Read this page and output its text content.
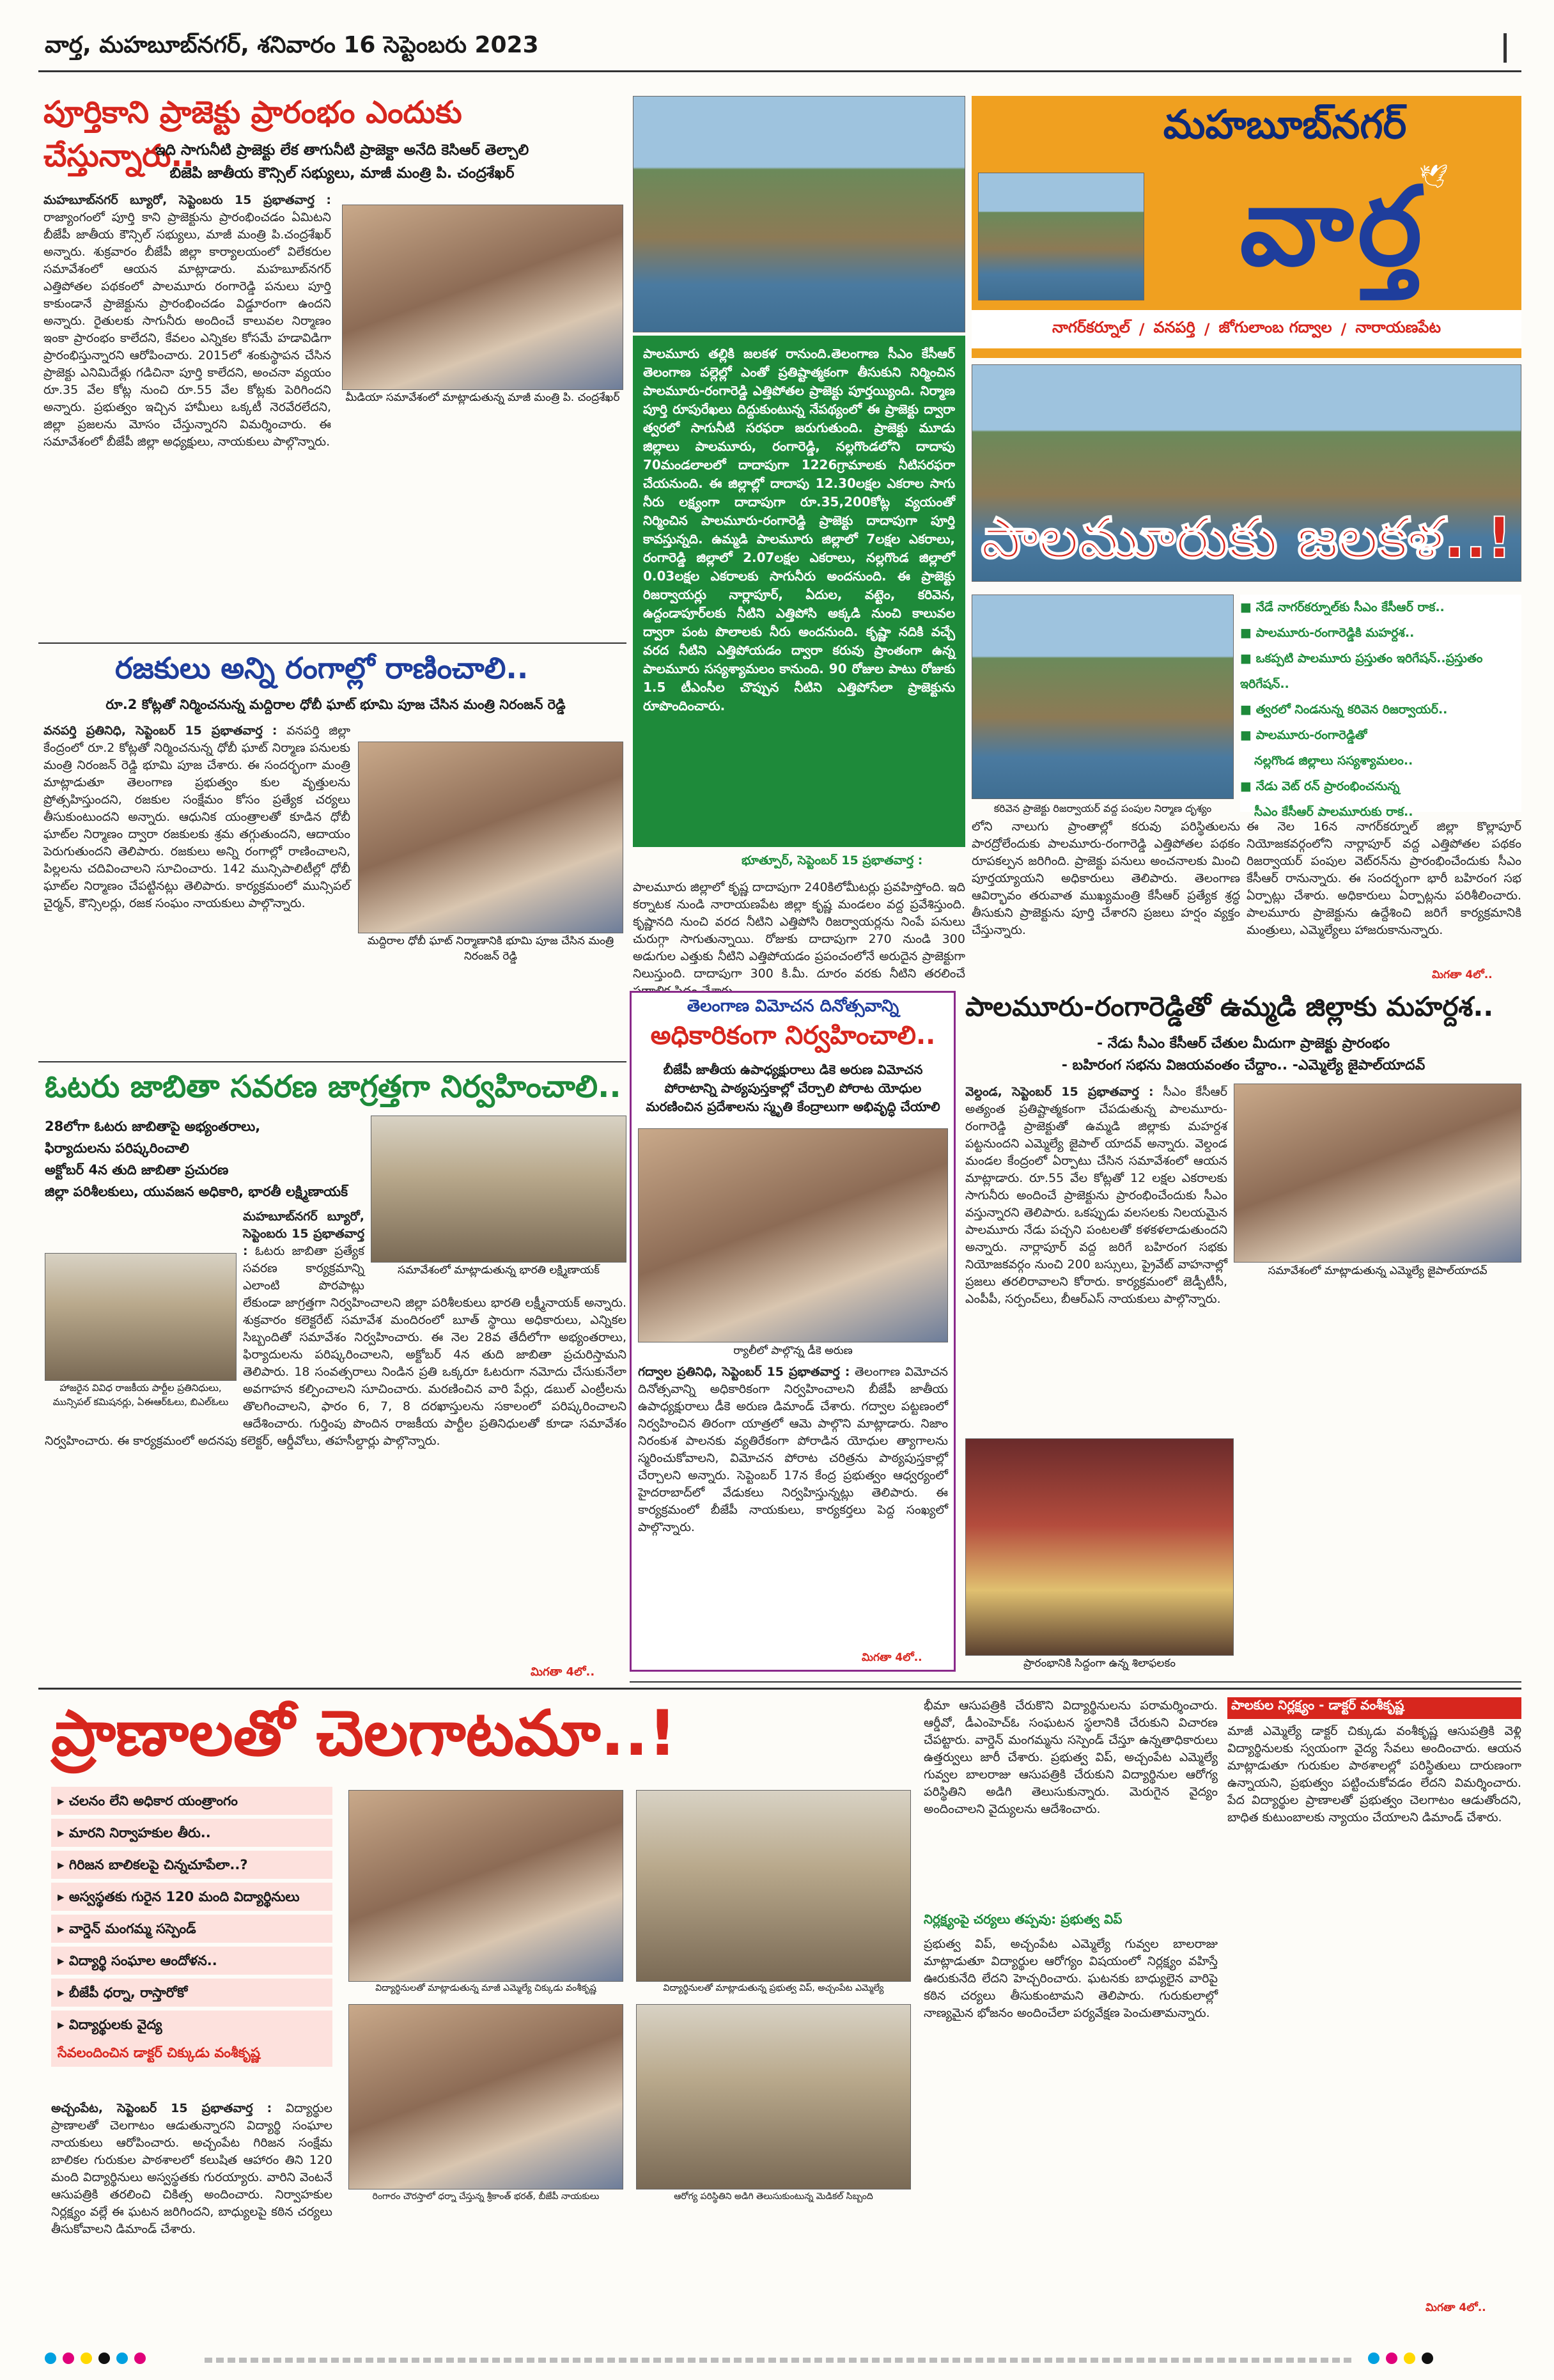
వార్త, మహబూబ్‌నగర్, శనివారం 16 సెప్టెంబరు 2023
పూర్తికాని ప్రాజెక్టు ప్రారంభం ఎందుకు చేస్తున్నారు..
ఇది సాగునీటి ప్రాజెక్టు లేక తాగునీటి ప్రాజెక్టా అనేది కెసిఆర్ తెల్చాలి
బిజెపి జాతీయ కౌన్సిల్ సభ్యులు, మాజీ మంత్రి పి. చంద్రశేఖర్
మహబూబ్‌నగర్ బ్యూరో, సెప్టెంబరు 15 ప్రభాతవార్త : రాజ్యాంగంలో పూర్తి కాని ప్రాజెక్టును ప్రారంభించడం ఏమిటని బీజేపీ జాతీయ కౌన్సిల్ సభ్యులు, మాజీ మంత్రి పి.చంద్రశేఖర్ అన్నారు. శుక్రవారం బీజేపీ జిల్లా కార్యాలయంలో విలేకరుల సమావేశంలో ఆయన మాట్లాడారు. మహబూబ్‌నగర్ ఎత్తిపోతల పథకంలో పాలమూరు రంగారెడ్డి పనులు పూర్తి కాకుండానే ప్రాజెక్టును ప్రారంభించడం విడ్డూరంగా ఉందని అన్నారు. రైతులకు సాగునీరు అందించే కాలువల నిర్మాణం ఇంకా ప్రారంభం కాలేదని, కేవలం ఎన్నికల కోసమే హడావిడిగా ప్రారంభిస్తున్నారని ఆరోపించారు. 2015లో శంకుస్థాపన చేసిన ప్రాజెక్టు ఎనిమిదేళ్లు గడిచినా పూర్తి కాలేదని, అంచనా వ్యయం రూ.35 వేల కోట్ల నుంచి రూ.55 వేల కోట్లకు పెరిగిందని అన్నారు. ప్రభుత్వం ఇచ్చిన హామీలు ఒక్కటీ నెరవేరలేదని, జిల్లా ప్రజలను మోసం చేస్తున్నారని విమర్శించారు. ఈ సమావేశంలో బీజేపీ జిల్లా అధ్యక్షులు, నాయకులు పాల్గొన్నారు.
మీడియా సమావేశంలో మాట్లాడుతున్న మాజీ మంత్రి పి. చంద్రశేఖర్
రజకులు అన్ని రంగాల్లో రాణించాలి..
రూ.2 కోట్లతో నిర్మించనున్న మద్దిరాల ధోబీ ఘాట్ భూమి పూజ చేసిన మంత్రి నిరంజన్ రెడ్డి
వనపర్తి ప్రతినిధి, సెప్టెంబర్ 15 ప్రభాతవార్త : వనపర్తి జిల్లా కేంద్రంలో రూ.2 కోట్లతో నిర్మించనున్న ధోబీ ఘాట్ నిర్మాణ పనులకు మంత్రి నిరంజన్ రెడ్డి భూమి పూజ చేశారు. ఈ సందర్భంగా మంత్రి మాట్లాడుతూ తెలంగాణ ప్రభుత్వం కుల వృత్తులను ప్రోత్సహిస్తుందని, రజకుల సంక్షేమం కోసం ప్రత్యేక చర్యలు తీసుకుంటుందని అన్నారు. ఆధునిక యంత్రాలతో కూడిన ధోబీ ఘాట్‌ల నిర్మాణం ద్వారా రజకులకు శ్రమ తగ్గుతుందని, ఆదాయం పెరుగుతుందని తెలిపారు. రజకులు అన్ని రంగాల్లో రాణించాలని, పిల్లలను చదివించాలని సూచించారు. 142 మున్సిపాలిటీల్లో ధోబీ ఘాట్‌ల నిర్మాణం చేపట్టినట్లు తెలిపారు. కార్యక్రమంలో మున్సిపల్ చైర్మన్, కౌన్సిలర్లు, రజక సంఘం నాయకులు పాల్గొన్నారు.
మద్దిరాల ధోబీ ఘాట్ నిర్మాణానికి భూమి పూజ చేసిన మంత్రి నిరంజన్ రెడ్డి
ఓటరు జాబితా సవరణ జాగ్రత్తగా నిర్వహించాలి..
28లోగా ఓటరు జాబితాపై అభ్యంతరాలు,
ఫిర్యాదులను పరిష్కరించాలి
అక్టోబర్ 4న తుది జాబితా ప్రచురణ
జిల్లా పరిశీలకులు, యువజన అధికారి, భారతీ లక్ష్మిణాయక్
సమావేశంలో మాట్లాడుతున్న భారతి లక్ష్మిణాయక్
హాజరైన వివిధ రాజకీయ పార్టీల ప్రతినిధులు, మున్సిపల్ కమిషనర్లు, ఏఈఆర్‌ఓలు, బిఎల్‌ఓలు
మహబూబ్‌నగర్ బ్యూరో, సెప్టెంబరు 15 ప్రభాతవార్త : ఓటరు జాబితా ప్రత్యేక సవరణ కార్యక్రమాన్ని ఎలాంటి పొరపాట్లు లేకుండా జాగ్రత్తగా నిర్వహించాలని జిల్లా పరిశీలకులు భారతి లక్ష్మీనాయక్ అన్నారు. శుక్రవారం కలెక్టరేట్ సమావేశ మందిరంలో బూత్ స్థాయి అధికారులు, ఎన్నికల సిబ్బందితో సమావేశం నిర్వహించారు. ఈ నెల 28వ తేదీలోగా అభ్యంతరాలు, ఫిర్యాదులను పరిష్కరించాలని, అక్టోబర్ 4న తుది జాబితా ప్రచురిస్తామని తెలిపారు. 18 సంవత్సరాలు నిండిన ప్రతి ఒక్కరూ ఓటరుగా నమోదు చేసుకునేలా అవగాహన కల్పించాలని సూచించారు. మరణించిన వారి పేర్లు, డబుల్ ఎంట్రీలను తొలగించాలని, ఫారం 6, 7, 8 దరఖాస్తులను సకాలంలో పరిష్కరించాలని ఆదేశించారు. గుర్తింపు పొందిన రాజకీయ పార్టీల ప్రతినిధులతో కూడా సమావేశం నిర్వహించారు. ఈ కార్యక్రమంలో అదనపు కలెక్టర్, ఆర్డీవోలు, తహసీల్దార్లు పాల్గొన్నారు.
మిగతా 4లో..
పాలమూరు తల్లికి జలకళ రానుంది.తెలంగాణ సీఎం కేసీఆర్ తెలంగాణ పల్లెల్లో ఎంతో ప్రతిష్టాత్మకంగా తీసుకుని నిర్మించిన పాలమూరు-రంగారెడ్డి ఎత్తిపోతల ప్రాజెక్టు పూర్తయ్యింది. నిర్మాణ పూర్తి రూపురేఖలు దిద్దుకుంటున్న నేపథ్యంలో ఈ ప్రాజెక్టు ద్వారా త్వరలో సాగునీటి సరఫరా జరుగుతుంది. ప్రాజెక్టు మూడు జిల్లాలు పాలమూరు, రంగారెడ్డి, నల్లగొండలోని దాదాపు 70మండలాలలో దాదాపుగా 1226గ్రామాలకు నీటిసరఫరా చేయనుంది. ఈ జిల్లాల్లో దాదాపు 12.30లక్షల ఎకరాల సాగు నీరు లక్ష్యంగా దాదాపుగా రూ.35,200కోట్ల వ్యయంతో నిర్మించిన పాలమూరు-రంగారెడ్డి ప్రాజెక్టు దాదాపుగా పూర్తి కావస్తున్నది. ఉమ్మడి పాలమూరు జిల్లాలో 7లక్షల ఎకరాలు, రంగారెడ్డి జిల్లాలో 2.07లక్షల ఎకరాలు, నల్లగొండ జిల్లాలో 0.03లక్షల ఎకరాలకు సాగునీరు అందనుంది. ఈ ప్రాజెక్టు రిజర్వాయర్లు నార్లాపూర్, ఏదుల, వట్టెం, కరివెన, ఉద్దండాపూర్‌లకు నీటిని ఎత్తిపోసి అక్కడి నుంచి కాలువల ద్వారా పంట పొలాలకు నీరు అందనుంది. కృష్ణా నదికి వచ్చే వరద నీటిని ఎత్తిపోయడం ద్వారా కరువు ప్రాంతంగా ఉన్న పాలమూరు సస్యశ్యామలం కానుంది. 90 రోజుల పాటు రోజుకు 1.5 టీఎంసీల చొప్పున నీటిని ఎత్తిపోసేలా ప్రాజెక్టును రూపొందించారు.
భూత్పూర్, సెప్టెంబర్ 15 ప్రభాతవార్త :
మహబూబ్‌నగర్
వార్త
🕊
నాగర్‌కర్నూల్ / వనపర్తి / జోగులాంబ గద్వాల / నారాయణపేట
పాలమూరుకు జలకళ..!
కరివెన ప్రాజెక్టు రిజర్వాయర్ వద్ద పంపుల నిర్మాణ దృశ్యం
■ నేడే నాగర్‌కర్నూల్‌కు సీఎం కేసీఆర్ రాక..
■ పాలమూరు-రంగారెడ్డికి మహర్దశ..
■ ఒకప్పటి పాలమూరు ప్రస్తుతం ఇరిగేషన్..ప్రస్తుతం ఇరిగేషన్..
■ త్వరలో నిండనున్న కరివెన రిజర్వాయర్..
■ పాలమూరు-రంగారెడ్డితో
నల్లగొండ జిల్లాలు సస్యశ్యామలం..
■ నేడు వెట్ రన్ ప్రారంభించనున్న
సీఎం కేసీఆర్ పాలమూరుకు రాక..
పాలమూరు జిల్లాలో కృష్ణ దాదాపుగా 240కిలోమీటర్లు ప్రవహిస్తోంది. ఇది కర్నాటక నుండి నారాయణపేట జిల్లా కృష్ణ మండలం వద్ద ప్రవేశిస్తుంది. కృష్ణానది నుంచి వరద నీటిని ఎత్తిపోసి రిజర్వాయర్లను నింపే పనులు చురుగ్గా సాగుతున్నాయి. రోజుకు దాదాపుగా 270 నుండి 300 అడుగుల ఎత్తుకు నీటిని ఎత్తిపోయడం ప్రపంచంలోనే అరుదైన ప్రాజెక్టుగా నిలుస్తుంది. దాదాపుగా 300 కి.మీ. దూరం వరకు నీటిని తరలించే
లోని నాలుగు ప్రాంతాల్లో కరువు పరిస్థితులను పారద్రోలేందుకు పాలమూరు-రంగారెడ్డి ఎత్తిపోతల పథకం రూపకల్పన జరిగింది. ప్రాజెక్టు పనులు అంచనాలకు మించి పూర్తయ్యాయని అధికారులు తెలిపారు. తెలంగాణ ఆవిర్భావం తరువాత ముఖ్యమంత్రి కేసీఆర్ ప్రత్యేక శ్రద్ధ తీసుకుని ప్రాజెక్టును పూర్తి చేశారని ప్రజలు హర్షం వ్యక్తం చేస్తున్నారు.
ఈ నెల 16న నాగర్‌కర్నూల్ జిల్లా కొల్లాపూర్ నియోజకవర్గంలోని నార్లాపూర్ వద్ద ఎత్తిపోతల పథకం రిజర్వాయర్ పంపుల వెట్‌రన్‌ను ప్రారంభించేందుకు సీఎం కేసీఆర్ రానున్నారు. ఈ సందర్భంగా భారీ బహిరంగ సభ ఏర్పాట్లు చేశారు. అధికారులు ఏర్పాట్లను పరిశీలించారు. పాలమూరు ప్రాజెక్టును ఉద్దేశించి జరిగే కార్యక్రమానికి మంత్రులు, ఎమ్మెల్యేలు హాజరుకానున్నారు.
మిగతా 4లో..
తెలంగాణ విమోచన దినోత్సవాన్ని
అధికారికంగా నిర్వహించాలి..
బీజేపీ జాతీయ ఉపాధ్యక్షురాలు డికె అరుణ విమోచన పోరాటాన్ని పాఠ్యపుస్తకాల్లో చేర్చాలి పోరాట యోధుల మరణించిన ప్రదేశాలను స్మృతి కేంద్రాలుగా అభివృద్ధి చేయాలి
ర్యాలీలో పాల్గొన్న డీకె అరుణ
గద్వాల ప్రతినిధి, సెప్టెంబర్ 15 ప్రభాతవార్త : తెలంగాణ విమోచన దినోత్సవాన్ని అధికారికంగా నిర్వహించాలని బీజేపీ జాతీయ ఉపాధ్యక్షురాలు డీకె అరుణ డిమాండ్ చేశారు. గద్వాల పట్టణంలో నిర్వహించిన తిరంగా యాత్రలో ఆమె పాల్గొని మాట్లాడారు. నిజాం నిరంకుశ పాలనకు వ్యతిరేకంగా పోరాడిన యోధుల త్యాగాలను స్మరించుకోవాలని, విమోచన పోరాట చరిత్రను పాఠ్యపుస్తకాల్లో చేర్చాలని అన్నారు. సెప్టెంబర్ 17న కేంద్ర ప్రభుత్వం ఆధ్వర్యంలో హైదరాబాద్‌లో వేడుకలు నిర్వహిస్తున్నట్లు తెలిపారు. ఈ కార్యక్రమంలో బీజేపీ నాయకులు, కార్యకర్తలు పెద్ద సంఖ్యలో పాల్గొన్నారు.
మిగతా 4లో..
పాలమూరు-రంగారెడ్డితో ఉమ్మడి జిల్లాకు మహర్దశ..
- నేడు సీఎం కేసీఆర్ చేతుల మీదుగా ప్రాజెక్టు ప్రారంభం
- బహిరంగ సభను విజయవంతం చేద్దాం.. -ఎమ్మెల్యే జైపాల్‌యాదవ్
వెల్దండ, సెప్టెంబర్ 15 ప్రభాతవార్త : సీఎం కేసీఆర్ అత్యంత ప్రతిష్టాత్మకంగా చేపడుతున్న పాలమూరు-రంగారెడ్డి ప్రాజెక్టుతో ఉమ్మడి జిల్లాకు మహర్దశ పట్టనుందని ఎమ్మెల్యే జైపాల్ యాదవ్ అన్నారు. వెల్దండ మండల కేంద్రంలో ఏర్పాటు చేసిన సమావేశంలో ఆయన మాట్లాడారు. రూ.55 వేల కోట్లతో 12 లక్షల ఎకరాలకు సాగునీరు అందించే ప్రాజెక్టును ప్రారంభించేందుకు సీఎం వస్తున్నారని తెలిపారు. ఒకప్పుడు వలసలకు నిలయమైన పాలమూరు నేడు పచ్చని పంటలతో కళకళలాడుతుందని అన్నారు. నార్లాపూర్ వద్ద జరిగే బహిరంగ సభకు నియోజకవర్గం నుంచి 200 బస్సులు, ప్రైవేట్ వాహనాల్లో ప్రజలు తరలిరావాలని కోరారు. కార్యక్రమంలో జెడ్పీటీసీ, ఎంపీపీ, సర్పంచ్‌లు, బీఆర్ఎస్ నాయకులు పాల్గొన్నారు.
సమావేశంలో మాట్లాడుతున్న ఎమ్మెల్యే జైపాల్‌యాదవ్
ప్రారంభానికి సిద్దంగా ఉన్న శిలాఫలకం
ప్రాణాలతో చెలగాటమా..!
▸ చలనం లేని అధికార యంత్రాంగం
▸ మారని నిర్వాహకుల తీరు..
▸ గిరిజన బాలికలపై చిన్నచూపేలా..?
▸ అస్వస్థతకు గురైన 120 మంది విద్యార్థినులు
▸ వార్డెన్ మంగమ్మ సస్పెండ్
▸ విద్యార్థి సంఘాల ఆందోళన..
▸ బీజేపీ ధర్నా, రాస్తారోకో
▸ విద్యార్థులకు వైద్య
సేవలందించిన డాక్టర్ చిక్కుడు వంశీకృష్ణ
అచ్చంపేట, సెప్టెంబర్ 15 ప్రభాతవార్త : విద్యార్థుల ప్రాణాలతో చెలగాటం ఆడుతున్నారని విద్యార్థి సంఘాల నాయకులు ఆరోపించారు. అచ్చంపేట గిరిజన సంక్షేమ బాలికల గురుకుల పాఠశాలలో కలుషిత ఆహారం తిని 120 మంది విద్యార్థినులు అస్వస్థతకు గురయ్యారు. వారిని వెంటనే ఆసుపత్రికి తరలించి చికిత్స అందించారు. నిర్వాహకుల నిర్లక్ష్యం వల్లే ఈ ఘటన జరిగిందని, బాధ్యులపై కఠిన చర్యలు తీసుకోవాలని డిమాండ్ చేశారు.
విద్యార్థినులతో మాట్లాడుతున్న మాజీ ఎమ్మెల్యే చిక్కుడు వంశీకృష్ణ	విద్యార్థినులతో మాట్లాడుతున్న ప్రభుత్వ విప్, అచ్చంపేట ఎమ్మెల్యే
రింగారం చౌరస్తాలో ధర్నా చేస్తున్న శ్రీకాంత్ భరత్, బీజేపీ నాయకులు	ఆరోగ్య పరిస్థితిని అడిగి తెలుసుకుంటున్న మెడికల్ సిబ్బంది
భీమా ఆసుపత్రికి చేరుకొని విద్యార్థినులను పరామర్శించారు. ఆర్డీవో, డీఎంహెచ్ఓ సంఘటన స్థలానికి చేరుకుని విచారణ చేపట్టారు. వార్డెన్ మంగమ్మను సస్పెండ్ చేస్తూ ఉన్నతాధికారులు ఉత్తర్వులు జారీ చేశారు. ప్రభుత్వ విప్, అచ్చంపేట ఎమ్మెల్యే గువ్వల బాలరాజు ఆసుపత్రికి చేరుకుని విద్యార్థినుల ఆరోగ్య పరిస్థితిని అడిగి తెలుసుకున్నారు. మెరుగైన వైద్యం అందించాలని వైద్యులను ఆదేశించారు.
నిర్లక్ష్యంపై చర్యలు తప్పవు: ప్రభుత్వ విప్
ప్రభుత్వ విప్, అచ్చంపేట ఎమ్మెల్యే గువ్వల బాలరాజు మాట్లాడుతూ విద్యార్థుల ఆరోగ్యం విషయంలో నిర్లక్ష్యం వహిస్తే ఊరుకునేది లేదని హెచ్చరించారు. ఘటనకు బాధ్యులైన వారిపై కఠిన చర్యలు తీసుకుంటామని తెలిపారు. గురుకులాల్లో నాణ్యమైన భోజనం అందించేలా పర్యవేక్షణ పెంచుతామన్నారు.
పాలకుల నిర్లక్ష్యం - డాక్టర్ వంశీకృష్ణ
మాజీ ఎమ్మెల్యే డాక్టర్ చిక్కుడు వంశీకృష్ణ ఆసుపత్రికి వెళ్లి విద్యార్థినులకు స్వయంగా వైద్య సేవలు అందించారు. ఆయన మాట్లాడుతూ గురుకుల పాఠశాలల్లో పరిస్థితులు దారుణంగా ఉన్నాయని, ప్రభుత్వం పట్టించుకోవడం లేదని విమర్శించారు. పేద విద్యార్థుల ప్రాణాలతో ప్రభుత్వం చెలగాటం ఆడుతోందని, బాధిత కుటుంబాలకు న్యాయం చేయాలని డిమాండ్ చేశారు.
మిగతా 4లో..
